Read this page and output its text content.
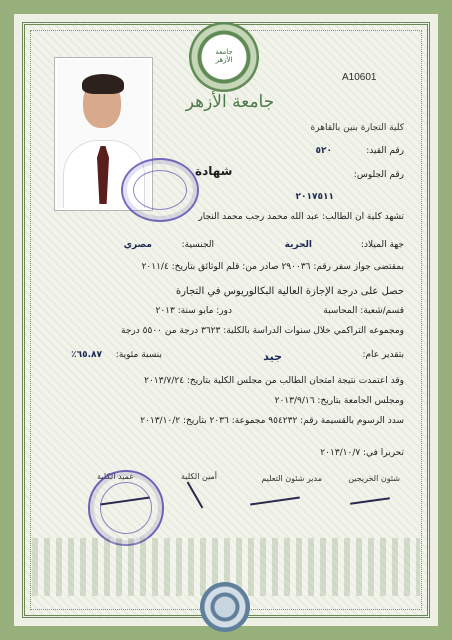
جامعة الأزهر
A10601
جامعة الأزهر
كلية التجارة بنين بالقاهرة
رقم القيد:
٥٢٠
شهادة	رقم الجلوس:
٢٠١٧٥١١
تشهد كلية ان الطالب: عبد الله محمد رجب محمد النجار
جهة الميلاد:
الحرية
الجنسية:
مصري
بمقتضى جواز سفر رقم: ٢٩٠٠٣٦ صادر من: قلم الوثائق بتاريخ: ٢٠١١/٤
حصل على درجة الإجازة العالية البكالوريوس في التجارة
قسم/شعبة: المحاسبة
دور: مايو سنة: ٢٠١٣
ومجموعه التراكمي خلال سنوات الدراسة بالكلية: ٣٦٢٣ درجة من ٥٥٠٠ درجة
بتقدير عام:
جيد
بنسبة مئوية:
٦٥.٨٧٪
وقد اعتمدت نتيجة امتحان الطالب من مجلس الكلية بتاريخ: ٢٠١٣/٧/٢٤
ومجلس الجامعة بتاريخ: ٢٠١٣/٩/١٦
سدد الرسوم بالقسيمة رقم: ٩٥٤٢٣٢ مجموعة: ٢٠٣٦ بتاريخ: ٢٠١٣/١٠/٢
تحريرا في: ٢٠١٣/١٠/٧
شئون الخريجين
مدير شئون التعليم
أمين الكلية
عميد الكلية
